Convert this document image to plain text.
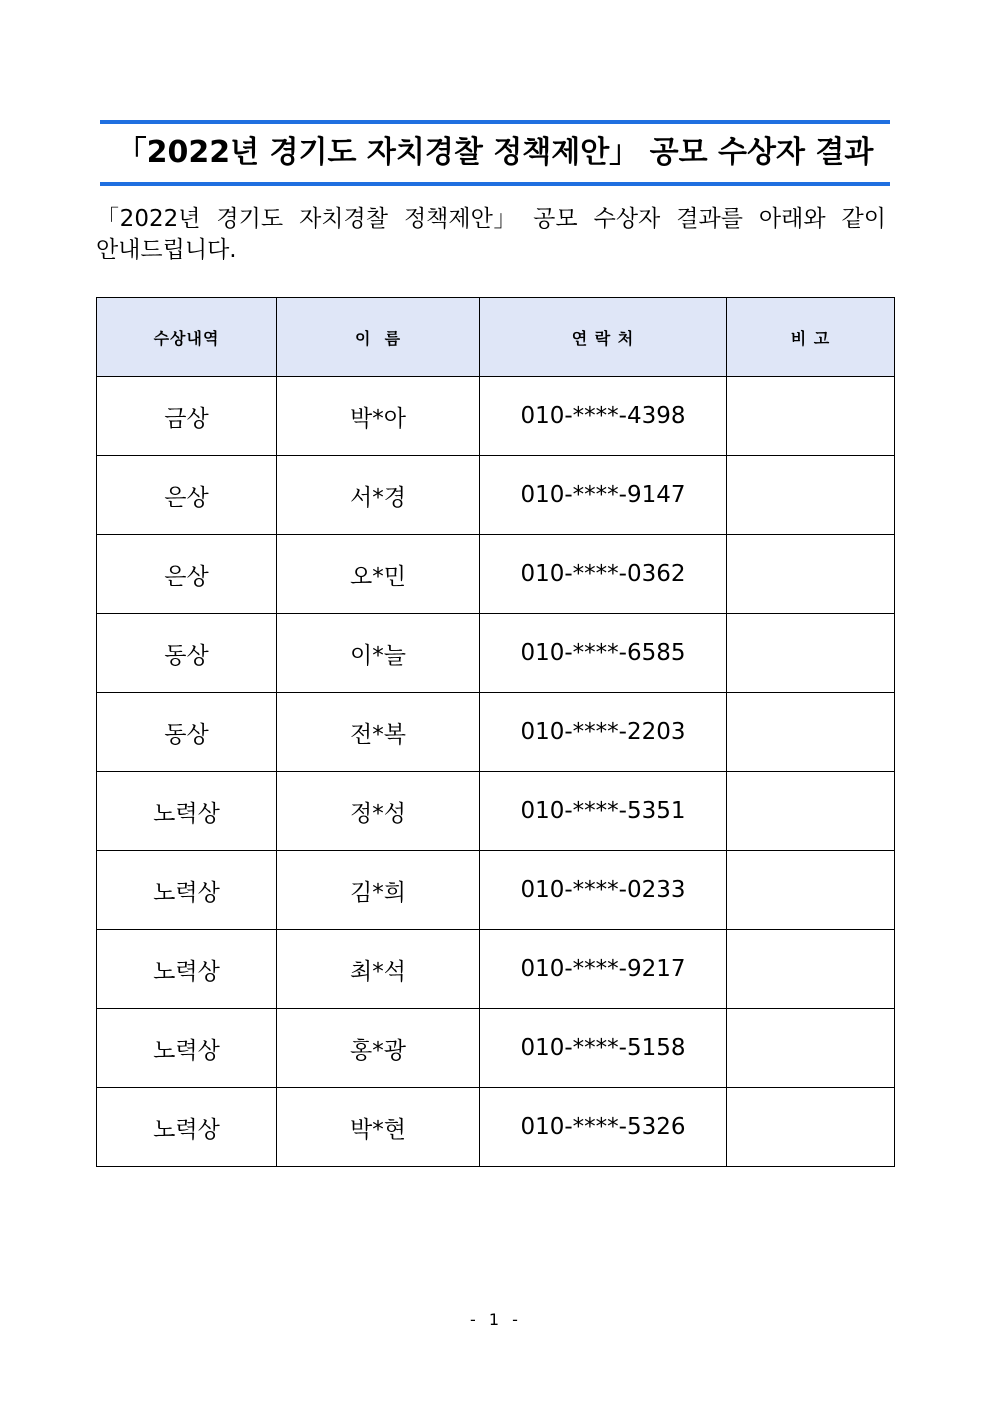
「2022년 경기도 자치경찰 정책제안」 공모 수상자 결과
「2022년 경기도 자치경찰 정책제안」 공모 수상자 결과를 아래와 같이 안내드립니다.
수상내역	이  름	연 락 처	비 고
금상	박*아	010-****-4398	
은상	서*경	010-****-9147	
은상	오*민	010-****-0362	
동상	이*늘	010-****-6585	
동상	전*복	010-****-2203	
노력상	정*성	010-****-5351	
노력상	김*희	010-****-0233	
노력상	최*석	010-****-9217	
노력상	홍*광	010-****-5158	
노력상	박*현	010-****-5326	
- 1 -
